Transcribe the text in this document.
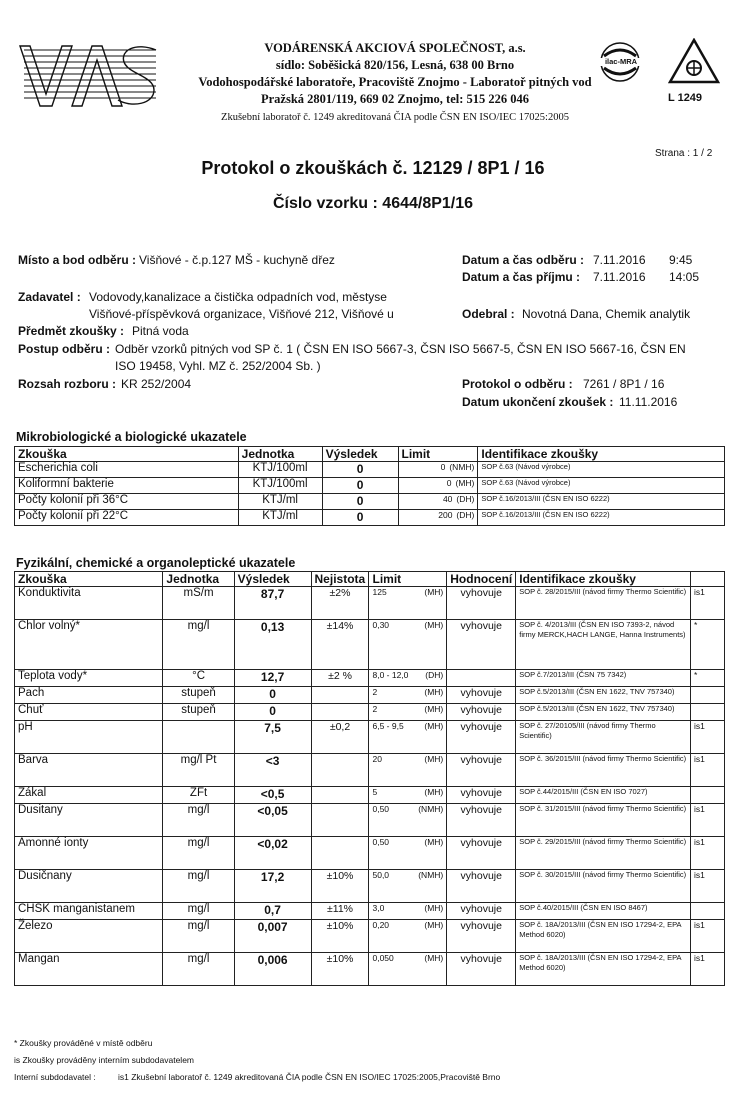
VODÁRENSKÁ AKCIOVÁ SPOLEČNOST, a.s.
sídlo: Soběšická 820/156, Lesná, 638 00 Brno
Vodohospodářské laboratoře, Pracoviště Znojmo - Laboratoř pitných vod
Pražská 2801/119, 669 02 Znojmo, tel: 515 226 046
Zkušební laboratoř č. 1249 akreditovaná ČIA podle ČSN EN ISO/IEC 17025:2005
ilac-MRA
L 1249
Strana : 1 / 2
Protokol o zkouškách č. 12129 / 8P1 / 16
Číslo vzorku : 4644/8P1/16
Místo a bod odběru : Višňové - č.p.127 MŠ - kuchyně dřez	Datum a čas odběru : 7.11.2016 9:45
Datum a čas příjmu : 7.11.2016 14:05
Zadavatel : Vodovody,kanalizace a čistička odpadních vod, městyse
Višňové-příspěvková organizace, Višňové 212, Višňové u	Odebral : Novotná Dana, Chemik analytik
Předmět zkoušky : Pitná voda
Postup odběru : Odběr vzorků pitných vod SP č. 1 ( ČSN EN ISO 5667-3, ČSN ISO 5667-5, ČSN EN ISO 5667-16, ČSN EN
ISO 19458, Vyhl. MZ č. 252/2004 Sb. )
Rozsah rozboru : KR 252/2004	Protokol o odběru : 7261 / 8P1 / 16
Datum ukončení zkoušek : 11.11.2016
Mikrobiologické a biologické ukazatele
Zkouška	Jednotka	Výsledek	Limit	Identifikace zkoušky
Escherichia coli	KTJ/100ml	0	0 (NMH)	SOP č.63 (Návod výrobce)
Koliformní bakterie	KTJ/100ml	0	0 (MH)	SOP č.63 (Návod výrobce)
Počty kolonií při 36°C	KTJ/ml	0	40 (DH)	SOP č.16/2013/III (ČSN EN ISO 6222)
Počty kolonií při 22°C	KTJ/ml	0	200 (DH)	SOP č.16/2013/III (ČSN EN ISO 6222)
Fyzikální, chemické a organoleptické ukazatele
Zkouška	Jednotka	Výsledek	Nejistota	Limit	Hodnocení	Identifikace zkoušky	
Konduktivita	mS/m	87,7	±2%	125 (MH)	vyhovuje	SOP č. 28/2015/III (návod firmy Thermo Scientific)	is1
Chlor volný*	mg/l	0,13	±14%	0,30 (MH)	vyhovuje	SOP č. 4/2013/III (ČSN EN ISO 7393-2, návod firmy MERCK,HACH LANGE, Hanna Instruments)	*
Teplota vody*	°C	12,7	±2 %	8,0 - 12,0 (DH)		SOP č.7/2013/III (ČSN 75 7342)	*
Pach	stupeň	0		2 (MH)	vyhovuje	SOP č.5/2013/III (ČSN EN 1622, TNV 757340)	
Chuť	stupeň	0		2 (MH)	vyhovuje	SOP č.5/2013/III (ČSN EN 1622, TNV 757340)	
pH		7,5	±0,2	6,5 - 9,5 (MH)	vyhovuje	SOP č. 27/20105/III (návod firmy Thermo Scientific)	is1
Barva	mg/l Pt	<3		20 (MH)	vyhovuje	SOP č. 36/2015/III (návod firmy Thermo Scientific)	is1
Zákal	ZFt	<0,5		5 (MH)	vyhovuje	SOP č.44/2015/III (ČSN EN ISO 7027)	
Dusitany	mg/l	<0,05		0,50 (NMH)	vyhovuje	SOP č. 31/2015/III (návod firmy Thermo Scientific)	is1
Amonné ionty	mg/l	<0,02		0,50 (MH)	vyhovuje	SOP č. 29/2015/III (návod firmy Thermo Scientific)	is1
Dusičnany	mg/l	17,2	±10%	50,0 (NMH)	vyhovuje	SOP č. 30/2015/III (návod firmy Thermo Scientific)	is1
CHSK manganistanem	mg/l	0,7	±11%	3,0 (MH)	vyhovuje	SOP č.40/2015/III (ČSN EN ISO 8467)	
Železo	mg/l	0,007	±10%	0,20 (MH)	vyhovuje	SOP č. 18A/2013/III (ČSN EN ISO 17294-2, EPA Method 6020)	is1
Mangan	mg/l	0,006	±10%	0,050 (MH)	vyhovuje	SOP č. 18A/2013/III (ČSN EN ISO 17294-2, EPA Method 6020)	is1
* Zkoušky prováděné v místě odběru
is Zkoušky prováděny interním subdodavatelem
Interní subdodavatel :	is1 Zkušební laboratoř č. 1249 akreditovaná ČIA podle ČSN EN ISO/IEC 17025:2005,Pracoviště Brno
